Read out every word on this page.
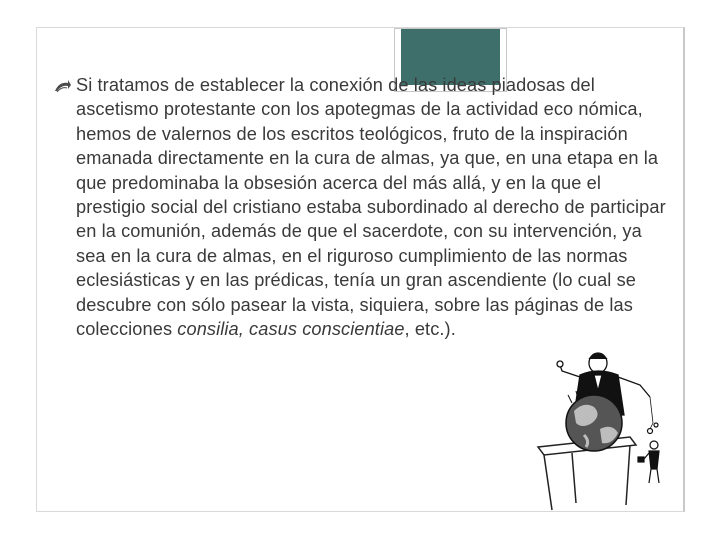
Si tratamos de establecer la conexión de las ideas piadosas del ascetismo protestante con los apotegmas de la actividad eco nómica, hemos de valernos de los escritos teológicos, fruto de la inspiración emanada directamente en la cura de almas, ya que, en una etapa en la que predominaba la obsesión acerca del más allá, y en la que el prestigio social del cristiano estaba subordinado al derecho de participar en la comunión, además de que el sacerdote, con su intervención, ya sea en la cura de almas, en el riguroso cumplimiento de las normas eclesiásticas y en las prédicas, tenía un gran ascendiente (lo cual se descubre con sólo pasear la vista, siquiera, sobre las páginas de las colecciones consilia, casus conscientiae, etc.).
